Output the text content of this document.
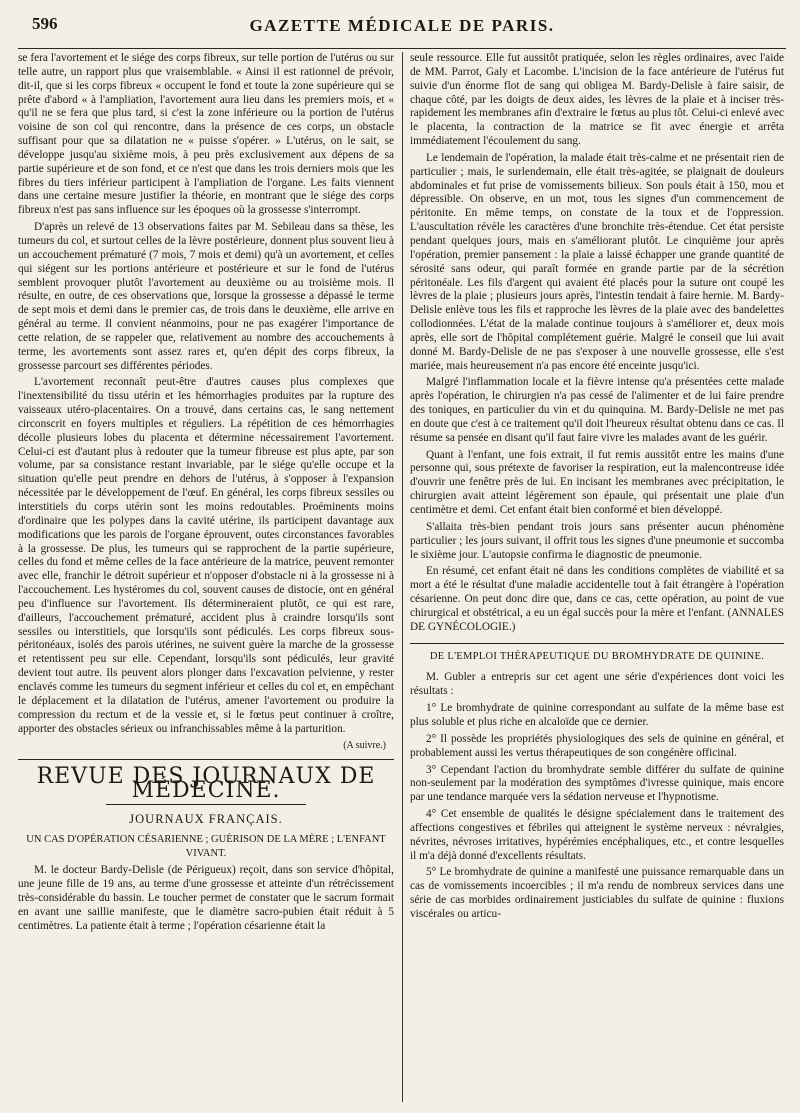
596	GAZETTE MÉDICALE DE PARIS.

se fera l'avortement et le siége des corps fibreux, sur telle portion de l'utérus ou sur telle autre, un rapport plus que vraisemblable. « Ainsi il est rationnel de prévoir, dit-il, que si les corps fibreux « occupent le fond et toute la zone supérieure qui se prête d'abord « à l'ampliation, l'avortement aura lieu dans les premiers mois, et « qu'il ne se fera que plus tard, si c'est la zone inférieure ou la portion de l'utérus voisine de son col qui rencontre, dans la présence de ces corps, un obstacle suffisant pour que sa dilatation ne « puisse s'opérer. » L'utérus, on le sait, se développe jusqu'au sixième mois, à peu près exclusivement aux dépens de sa partie supérieure et de son fond, et ce n'est que dans les trois derniers mois que les fibres du tiers inférieur participent à l'ampliation de l'organe. Les faits viennent dans une certaine mesure justifier la théorie, en montrant que le siége des corps fibreux n'est pas sans influence sur les époques où la grossesse s'interrompt.

D'après un relevé de 13 observations faites par M. Sebileau dans sa thèse, les tumeurs du col, et surtout celles de la lèvre postérieure, donnent plus souvent lieu à un accouchement prématuré (7 mois, 7 mois et demi) qu'à un avortement, et celles qui siégent sur les portions antérieure et postérieure et sur le fond de l'utérus semblent provoquer plutôt l'avortement au deuxième ou au troisième mois. Il résulte, en outre, de ces observations que, lorsque la grossesse a dépassé le terme de sept mois et demi dans le premier cas, de trois dans le deuxième, elle arrive en général au terme. Il convient néanmoins, pour ne pas exagérer l'importance de cette relation, de se rappeler que, relativement au nombre des accouchements à terme, les avortements sont assez rares et, qu'en dépit des corps fibreux, la grossesse parcourt ses différentes périodes.

L'avortement reconnaît peut-être d'autres causes plus complexes que l'inextensibilité du tissu utérin et les hémorrhagies produites par la rupture des vaisseaux utéro-placentaires. On a trouvé, dans certains cas, le sang nettement circonscrit en foyers multiples et réguliers. La répétition de ces hémorrhagies décolle plusieurs lobes du placenta et détermine nécessairement l'avortement. Celui-ci est d'autant plus à redouter que la tumeur fibreuse est plus apte, par son volume, par sa consistance restant invariable, par le siége qu'elle occupe et la situation qu'elle peut prendre en dehors de l'utérus, à s'opposer à l'expansion nécessitée par le développement de l'œuf. En général, les corps fibreux sessiles ou interstitiels du corps utérin sont les moins redoutables. Proéminents moins d'ordinaire que les polypes dans la cavité utérine, ils participent davantage aux modifications que les parois de l'organe éprouvent, outes circonstances favorables à la grossesse. De plus, les tumeurs qui se rapprochent de la partie supérieure, celles du fond et même celles de la face antérieure de la matrice, peuvent remonter avec elle, franchir le détroit supérieur et n'opposer d'obstacle ni à la grossesse ni à l'accouchement. Les hystéromes du col, souvent causes de distocie, ont en général peu d'influence sur l'avortement. Ils détermineraient plutôt, ce qui est rare, d'ailleurs, l'accouchement prématuré, accident plus à craindre lorsqu'ils sont sessiles ou interstitiels, que lorsqu'ils sont pédiculés. Les corps fibreux sous-péritonéaux, isolés des parois utérines, ne suivent guère la marche de la grossesse et retentissent peu sur elle. Cependant, lorsqu'ils sont pédiculés, leur gravité devient tout autre. Ils peuvent alors plonger dans l'excavation pelvienne, y rester enclavés comme les tumeurs du segment inférieur et celles du col et, en empêchant le déplacement et la dilatation de l'utérus, amener l'avortement ou produire la compression du rectum et de la vessie et, si le fœtus peut continuer à croître, apporter des obstacles sérieux ou infranchissables même à la parturition.

(A suivre.)
REVUE DES JOURNAUX DE MÉDECINE.
JOURNAUX FRANÇAIS.
UN CAS D'OPÉRATION CÉSARIENNE ; GUÉRISON DE LA MÈRE ; L'ENFANT VIVANT.

M. le docteur Bardy-Delisle (de Périgueux) reçoit, dans son service d'hôpital, une jeune fille de 19 ans, au terme d'une grossesse et atteinte d'un rétrécissement très-considérable du bassin. Le toucher permet de constater que le sacrum formait en avant une saillie manifeste, que le diamètre sacro-pubien était réduit à 5 centimètres. La patiente était à terme ; l'opération césarienne était la

seule ressource. Elle fut aussitôt pratiquée, selon les règles ordinaires, avec l'aide de MM. Parrot, Galy et Lacombe. L'incision de la face antérieure de l'utérus fut suivie d'un énorme flot de sang qui obligea M. Bardy-Delisle à faire saisir, de chaque côté, par les doigts de deux aides, les lèvres de la plaie et à inciser très-rapidement les membranes afin d'extraire le fœtus au plus tôt. Celui-ci enlevé avec le placenta, la contraction de la matrice se fit avec énergie et arrêta immédiatement l'écoulement du sang.

Le lendemain de l'opération, la malade était très-calme et ne présentait rien de particulier ; mais, le surlendemain, elle était très-agitée, se plaignait de douleurs abdominales et fut prise de vomissements bilieux. Son pouls était à 150, mou et dépressible. On observe, en un mot, tous les signes d'un commencement de péritonite. En même temps, on constate de la toux et de l'oppression. L'auscultation révèle les caractères d'une bronchite très-étendue. Cet état persiste pendant quelques jours, mais en s'améliorant plutôt. Le cinquième jour après l'opération, premier pansement : la plaie a laissé échapper une grande quantité de sérosité sans odeur, qui paraît formée en grande partie par de la sécrétion péritonéale. Les fils d'argent qui avaient été placés pour la suture ont coupé les lèvres de la plaie ; plusieurs jours après, l'intestin tendait à faire hernie. M. Bardy-Delisle enlève tous les fils et rapproche les lèvres de la plaie avec des bandelettes collodionnées. L'état de la malade continue toujours à s'améliorer et, deux mois après, elle sort de l'hôpital complétement guérie. Malgré le conseil que lui avait donné M. Bardy-Delisle de ne pas s'exposer à une nouvelle grossesse, elle s'est mariée, mais heureusement n'a pas encore été enceinte jusqu'ici.

Malgré l'inflammation locale et la fièvre intense qu'a présentées cette malade après l'opération, le chirurgien n'a pas cessé de l'alimenter et de lui faire prendre des toniques, en particulier du vin et du quinquina. M. Bardy-Delisle ne met pas en doute que c'est à ce traitement qu'il doit l'heureux résultat obtenu dans ce cas. Il résume sa pensée en disant qu'il faut faire vivre les malades avant de les guérir.

Quant à l'enfant, une fois extrait, il fut remis aussitôt entre les mains d'une personne qui, sous prétexte de favoriser la respiration, eut la malencontreuse idée d'ouvrir une fenêtre près de lui. En incisant les membranes avec précipitation, le chirurgien avait atteint légèrement son épaule, qui présentait une plaie d'un centimètre et demi. Cet enfant était bien conformé et bien développé.

S'allaita très-bien pendant trois jours sans présenter aucun phénomène particulier ; les jours suivant, il offrit tous les signes d'une pneumonie et succomba le sixième jour. L'autopsie confirma le diagnostic de pneumonie.

En résumé, cet enfant était né dans les conditions complètes de viabilité et sa mort a été le résultat d'une maladie accidentelle tout à fait étrangère à l'opération césarienne. On peut donc dire que, dans ce cas, cette opération, au point de vue chirurgical et obstétrical, a eu un égal succès pour la mère et l'enfant. (ANNALES DE GYNÉCOLOGIE.)

DE L'EMPLOI THÉRAPEUTIQUE DU BROMHYDRATE DE QUININE.

M. Gubler a entrepris sur cet agent une série d'expériences dont voici les résultats :

1° Le bromhydrate de quinine correspondant au sulfate de la même base est plus soluble et plus riche en alcaloïde que ce dernier.

2° Il possède les propriétés physiologiques des sels de quinine en général, et probablement aussi les vertus thérapeutiques de son congénère officinal.

3° Cependant l'action du bromhydrate semble différer du sulfate de quinine non-seulement par la modération des symptômes d'ivresse quinique, mais encore par une tendance marquée vers la sédation nerveuse et l'hypnotisme.

4° Cet ensemble de qualités le désigne spécialement dans le traitement des affections congestives et fébriles qui atteignent le système nerveux : névralgies, névrites, névroses irritatives, hypérémies encéphaliques, etc., et contre lesquelles il m'a déjà donné d'excellents résultats.

5° Le bromhydrate de quinine a manifesté une puissance remarquable dans un cas de vomissements incoercibles ; il m'a rendu de nombreux services dans une série de cas morbides ordinairement justiciables du sulfate de quinine : fluxions viscérales ou articu-
